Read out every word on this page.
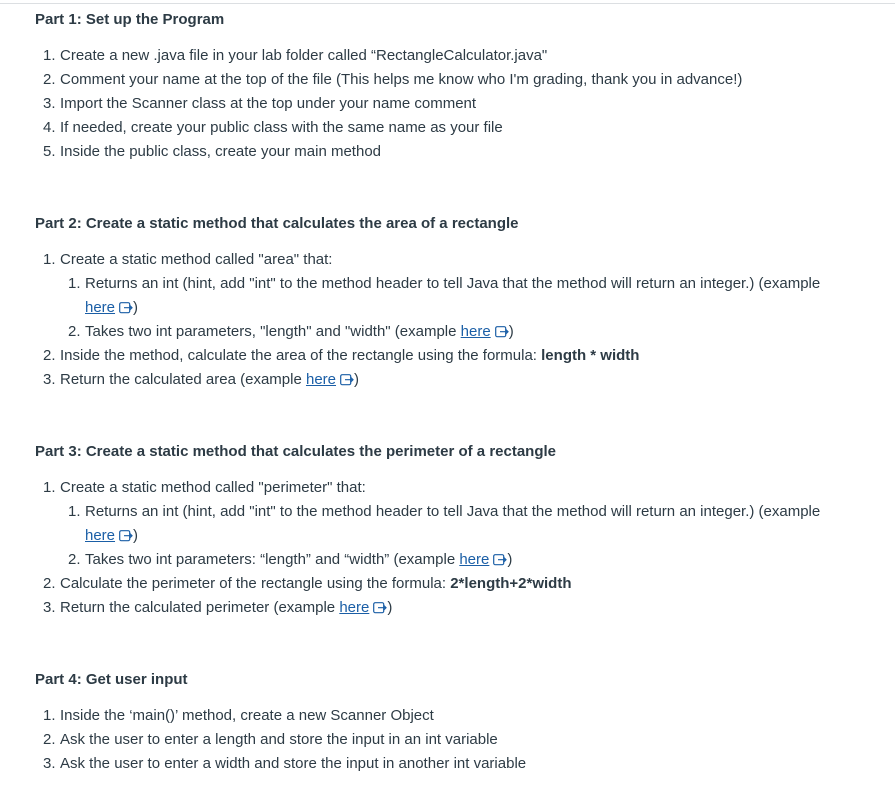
Part 1: Set up the Program
1. Create a new .java file in your lab folder called “RectangleCalculator.java"
2. Comment your name at the top of the file (This helps me know who I'm grading, thank you in advance!)
3. Import the Scanner class at the top under your name comment
4. If needed, create your public class with the same name as your file
5. Inside the public class, create your main method
Part 2: Create a static method that calculates the area of a rectangle
1. Create a static method called "area" that:
1. Returns an int (hint, add "int" to the method header to tell Java that the method will return an integer.) (example
here )
2. Takes two int parameters, "length" and "width" (example here )
2. Inside the method, calculate the area of the rectangle using the formula: length * width
3. Return the calculated area (example here )
Part 3: Create a static method that calculates the perimeter of a rectangle
1. Create a static method called "perimeter" that:
1. Returns an int (hint, add "int" to the method header to tell Java that the method will return an integer.) (example
here )
2. Takes two int parameters: “length” and “width” (example here )
2. Calculate the perimeter of the rectangle using the formula: 2*length+2*width
3. Return the calculated perimeter (example here )
Part 4: Get user input
1. Inside the ‘main()’ method, create a new Scanner Object
2. Ask the user to enter a length and store the input in an int variable
3. Ask the user to enter a width and store the input in another int variable
